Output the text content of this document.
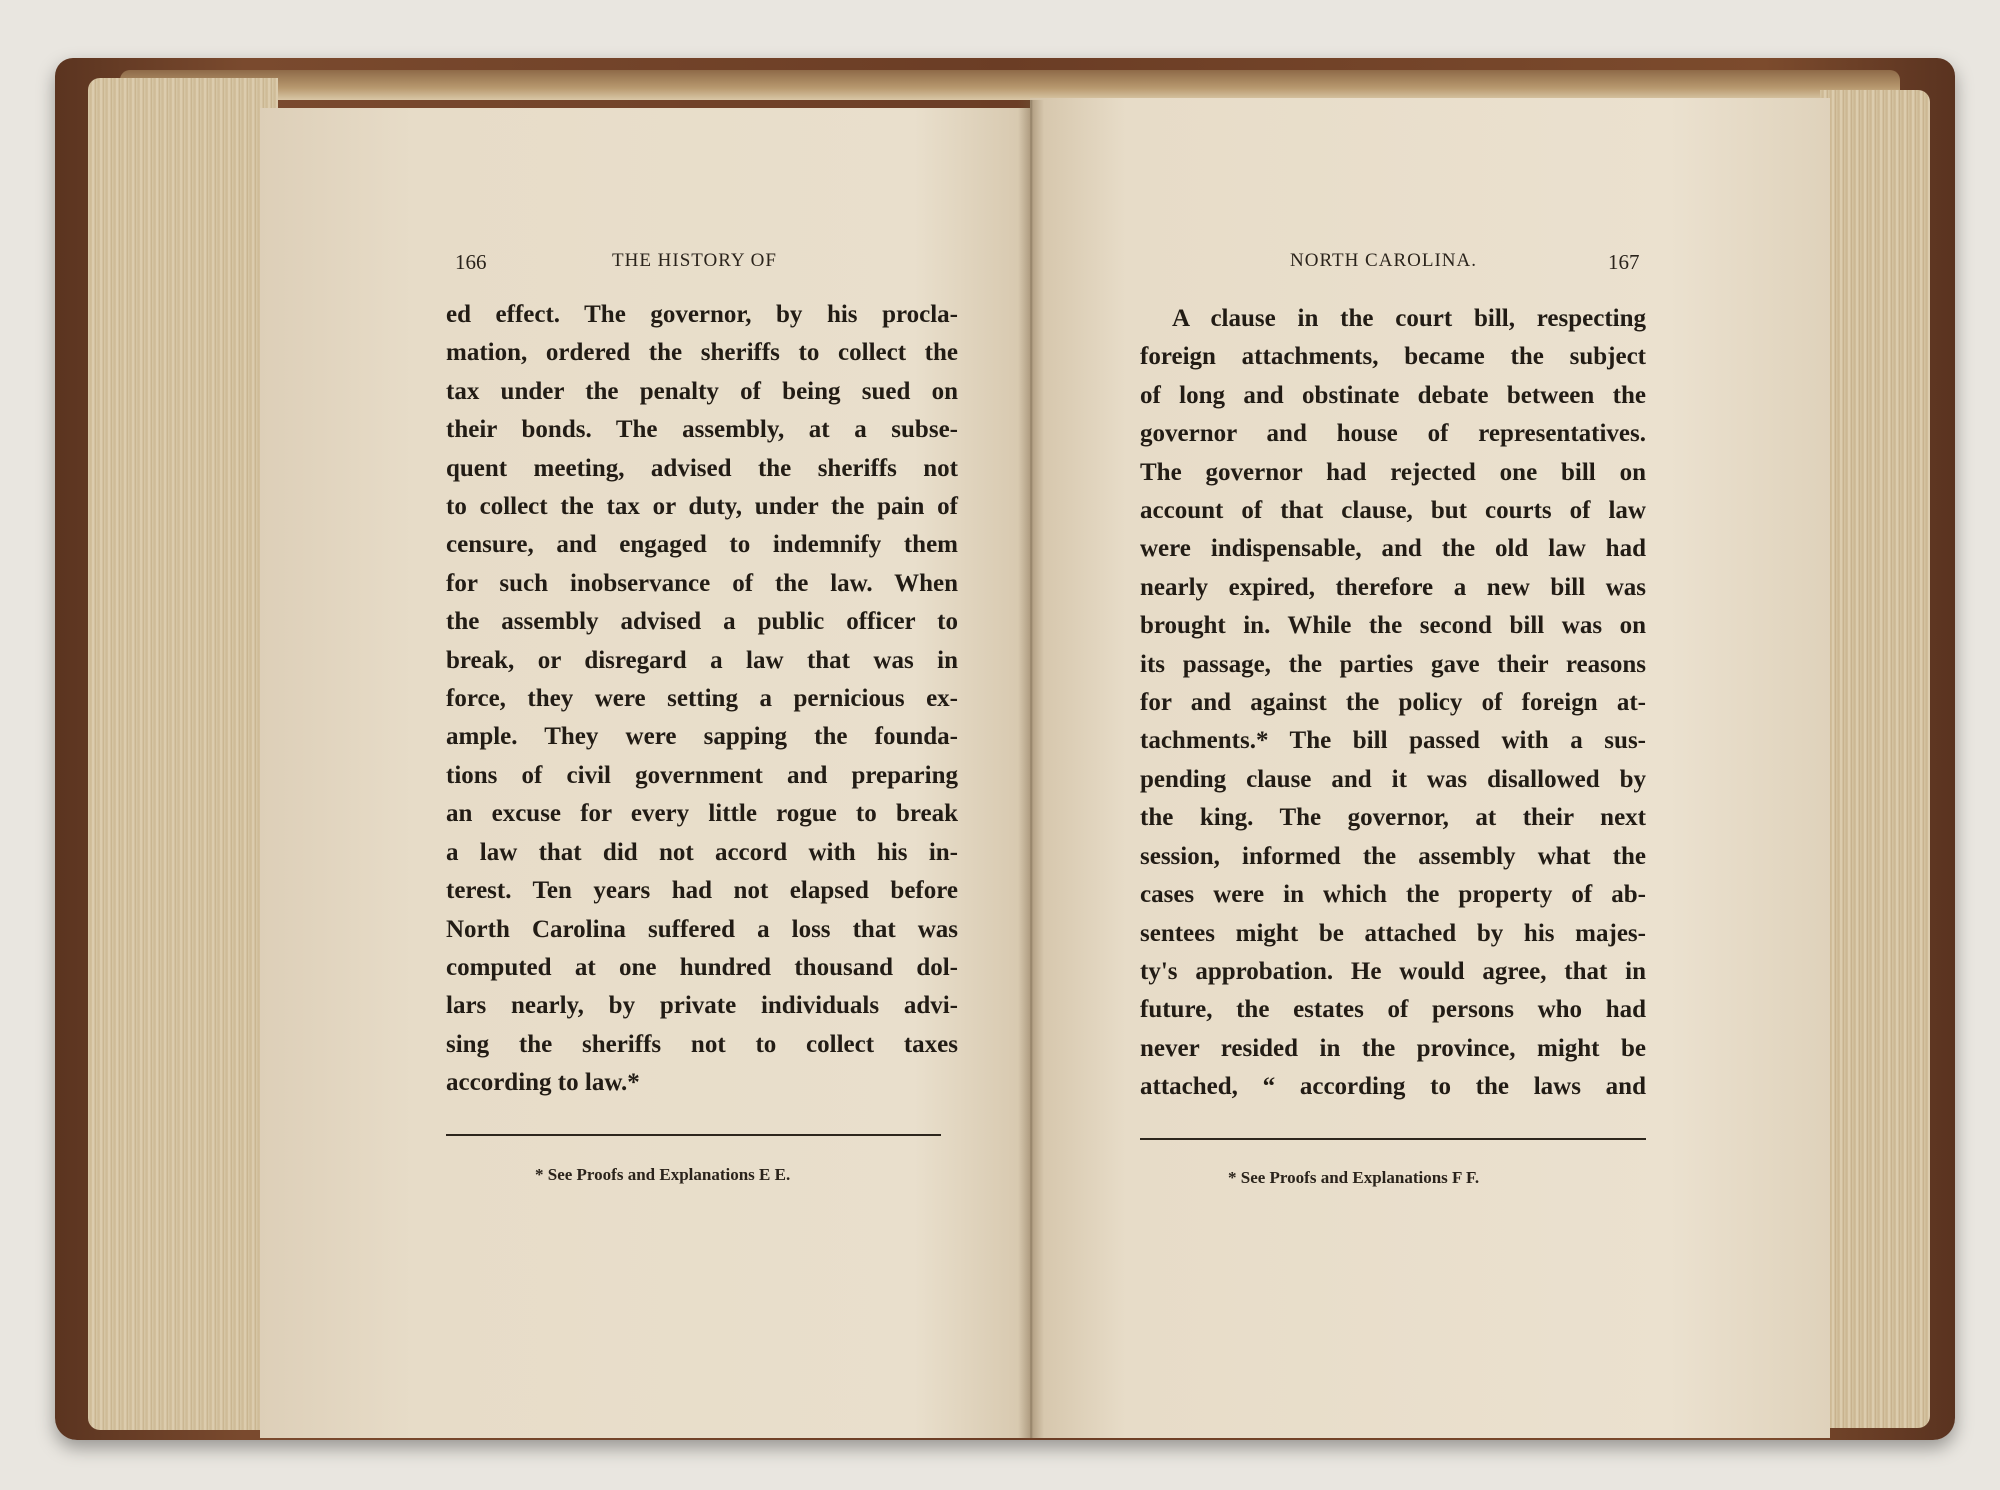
166	THE HISTORY OF
ed effect. The governor, by his procla-
mation, ordered the sheriffs to collect the
tax under the penalty of being sued on
their bonds. The assembly, at a subse-
quent meeting, advised the sheriffs not
to collect the tax or duty, under the pain of
censure, and engaged to indemnify them
for such inobservance of the law. When
the assembly advised a public officer to
break, or disregard a law that was in
force, they were setting a pernicious ex-
ample. They were sapping the founda-
tions of civil government and preparing
an excuse for every little rogue to break
a law that did not accord with his in-
terest. Ten years had not elapsed before
North Carolina suffered a loss that was
computed at one hundred thousand dol-
lars nearly, by private individuals advi-
sing the sheriffs not to collect taxes
according to law.*
* See Proofs and Explanations E E.
NORTH CAROLINA.	167
A clause in the court bill, respecting
foreign attachments, became the subject
of long and obstinate debate between the
governor and house of representatives.
The governor had rejected one bill on
account of that clause, but courts of law
were indispensable, and the old law had
nearly expired, therefore a new bill was
brought in. While the second bill was on
its passage, the parties gave their reasons
for and against the policy of foreign at-
tachments.* The bill passed with a sus-
pending clause and it was disallowed by
the king. The governor, at their next
session, informed the assembly what the
cases were in which the property of ab-
sentees might be attached by his majes-
ty's approbation. He would agree, that in
future, the estates of persons who had
never resided in the province, might be
attached, “ according to the laws and
* See Proofs and Explanations F F.
